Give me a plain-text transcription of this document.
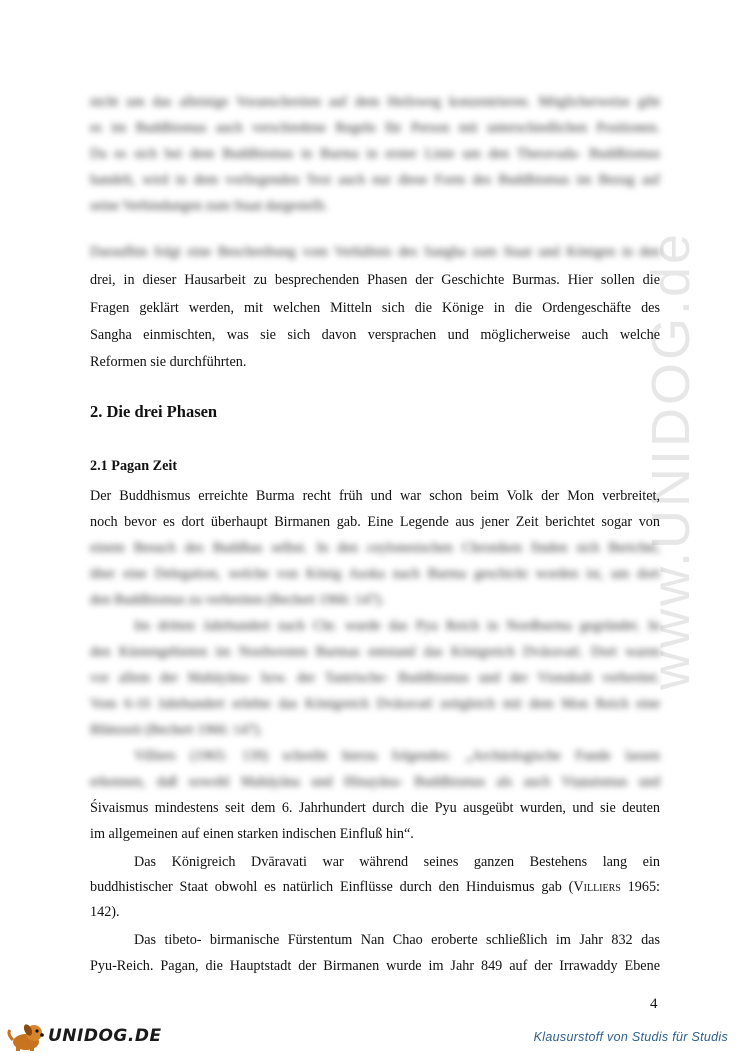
www.UNIDOG.de
nicht um das alleinige Voranschreiten auf dem Heilsweg konzentrieren. Möglicherweise gibt
es im Buddhismus auch verschiedene Regeln für Person mit unterschiedlichen Positionen.
Da es sich bei dem Buddhismus in Burma in erster Linie um den Theravada- Buddhismus
handelt, wird in dem vorliegenden Text auch nur diese Form des Buddhismus im Bezug auf
seine Verbindungen zum Staat dargestellt.
Daraufhin folgt eine Beschreibung vom Verhältnis des Sangha zum Staat und Königen in den
drei, in dieser Hausarbeit zu besprechenden Phasen der Geschichte Burmas. Hier sollen die
Fragen geklärt werden, mit welchen Mitteln sich die Könige in die Ordengeschäfte des
Sangha einmischten, was sie sich davon versprachen und möglicherweise auch welche
Reformen sie durchführten.
2. Die drei Phasen
2.1 Pagan Zeit
Der Buddhismus erreichte Burma recht früh und war schon beim Volk der Mon verbreitet,
noch bevor es dort überhaupt Birmanen gab. Eine Legende aus jener Zeit berichtet sogar von
einem Besuch des Buddhas selbst. In den ceylonesischen Chroniken finden sich Berichte,
über eine Delegation, welche von König Asoka nach Burma geschickt worden ist, um dort
den Buddhismus zu verbreiten (Bechert 1966: 147).
Im dritten Jahrhundert nach Chr. wurde das Pyu Reich in Nordburma gegründet. In
den Küstengebieten im Nordwesten Burmas entstand das Königreich Dvāravatī. Dort waren
vor allem der Mahāyāna- bzw. der Tantrische- Buddhismus und der Visnukult verbreitet.
Vom 6-10 Jahrhundert erlebte das Königreich Dvāravatī zeitgleich mit dem Mon Reich eine
Blütezeit (Bechert 1966: 147).
Villiers (1965: 139) schreibt hierzu folgendes: „Archäologische Funde lassen
erkennen, daß sowohl Mahāyāna und Hīnayāna- Buddhismus als auch Viṣṇuismus und
Śivaismus mindestens seit dem 6. Jahrhundert durch die Pyu ausgeübt wurden, und sie deuten
im allgemeinen auf einen starken indischen Einfluß hin“.
Das Königreich Dvāravati war während seines ganzen Bestehens lang ein
buddhistischer Staat obwohl es natürlich Einflüsse durch den Hinduismus gab (Villiers 1965:
142).
Das tibeto- birmanische Fürstentum Nan Chao eroberte schließlich im Jahr 832 das
Pyu-Reich. Pagan, die Hauptstadt der Birmanen wurde im Jahr 849 auf der Irrawaddy Ebene
4
UNIDOG.DE	Klausurstoff von Studis für Studis
